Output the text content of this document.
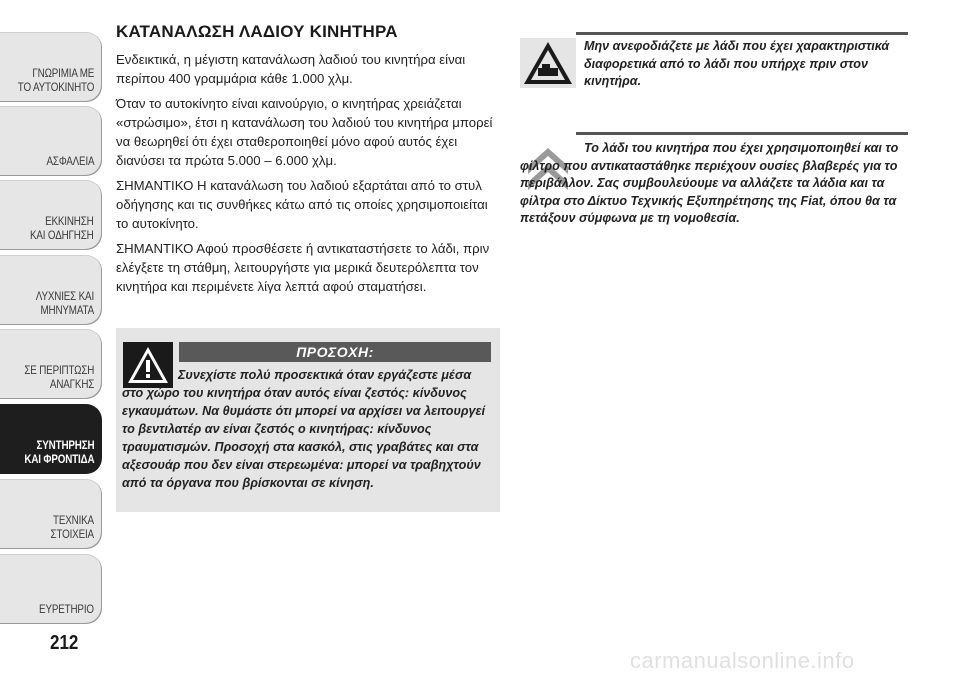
ΓΝΩΡΙΜΙΑ ΜΕ
ΤΟ ΑΥΤΟΚΙΝΗΤΟ
ΑΣΦΑΛΕΙΑ
ΕΚΚΙΝΗΣΗ
ΚΑΙ ΟΔΗΓΗΣΗ
ΛΥΧΝΙΕΣ ΚΑΙ
ΜΗΝΥΜΑΤΑ
ΣΕ ΠΕΡΙΠΤΩΣΗ
ΑΝΑΓΚΗΣ
ΣΥΝΤΗΡΗΣΗ
ΚΑΙ ΦΡΟΝΤΙΔΑ
ΤΕΧΝΙΚΑ
ΣΤΟΙΧΕΙΑ
ΕΥΡΕΤΗΡΙΟ
212
ΚΑΤΑΝΑΛΩΣΗ ΛΑΔΙΟΥ ΚΙΝΗΤΗΡΑ

Ενδεικτικά, η μέγιστη κατανάλωση λαδιού του κινητήρα είναι περίπου 400 γραμμάρια κάθε 1.000 χλμ.

Όταν το αυτοκίνητο είναι καινούργιο, ο κινητήρας χρειάζεται «στρώσιμο», έτσι η κατανάλωση του λαδιού του κινητήρα μπορεί να θεωρηθεί ότι έχει σταθεροποιηθεί μόνο αφού αυτός έχει διανύσει τα πρώτα 5.000 – 6.000 χλμ.

ΣΗΜΑΝΤΙΚΟ Η κατανάλωση του λαδιού εξαρτάται από το στυλ οδήγησης και τις συνθήκες κάτω από τις οποίες χρησιμοποιείται το αυτοκίνητο.

ΣΗΜΑΝΤΙΚΟ Αφού προσθέσετε ή αντικαταστήσετε το λάδι, πριν ελέγξετε τη στάθμη, λειτουργήστε για μερικά δευτερόλεπτα τον κινητήρα και περιμένετε λίγα λεπτά αφού σταματήσει.

ΠΡΟΣΟΧΗ:
Συνεχίστε πολύ προσεκτικά όταν εργάζεστε μέσα στο χώρο του κινητήρα όταν αυτός είναι ζεστός: κίνδυνος εγκαυμάτων. Να θυμάστε ότι μπορεί να αρχίσει να λειτουργεί το βεντιλατέρ αν είναι ζεστός ο κινητήρας: κίνδυνος τραυματισμών. Προσοχή στα κασκόλ, στις γραβάτες και στα αξεσουάρ που δεν είναι στερεωμένα: μπορεί να τραβηχτούν από τα όργανα που βρίσκονται σε κίνηση.
Μην ανεφοδιάζετε με λάδι που έχει χαρακτηριστικά διαφορετικά από το λάδι που υπήρχε πριν στον κινητήρα.
Το λάδι του κινητήρα που έχει χρησιμοποιηθεί και το φίλτρο που αντικαταστάθηκε περιέχουν ουσίες βλαβερές για το περιβάλλον. Σας συμβουλεύουμε να αλλάζετε τα λάδια και τα φίλτρα στο Δίκτυο Τεχνικής Εξυπηρέτησης της Fiat, όπου θα τα πετάξουν σύμφωνα με τη νομοθεσία.
carmanualsonline.info
